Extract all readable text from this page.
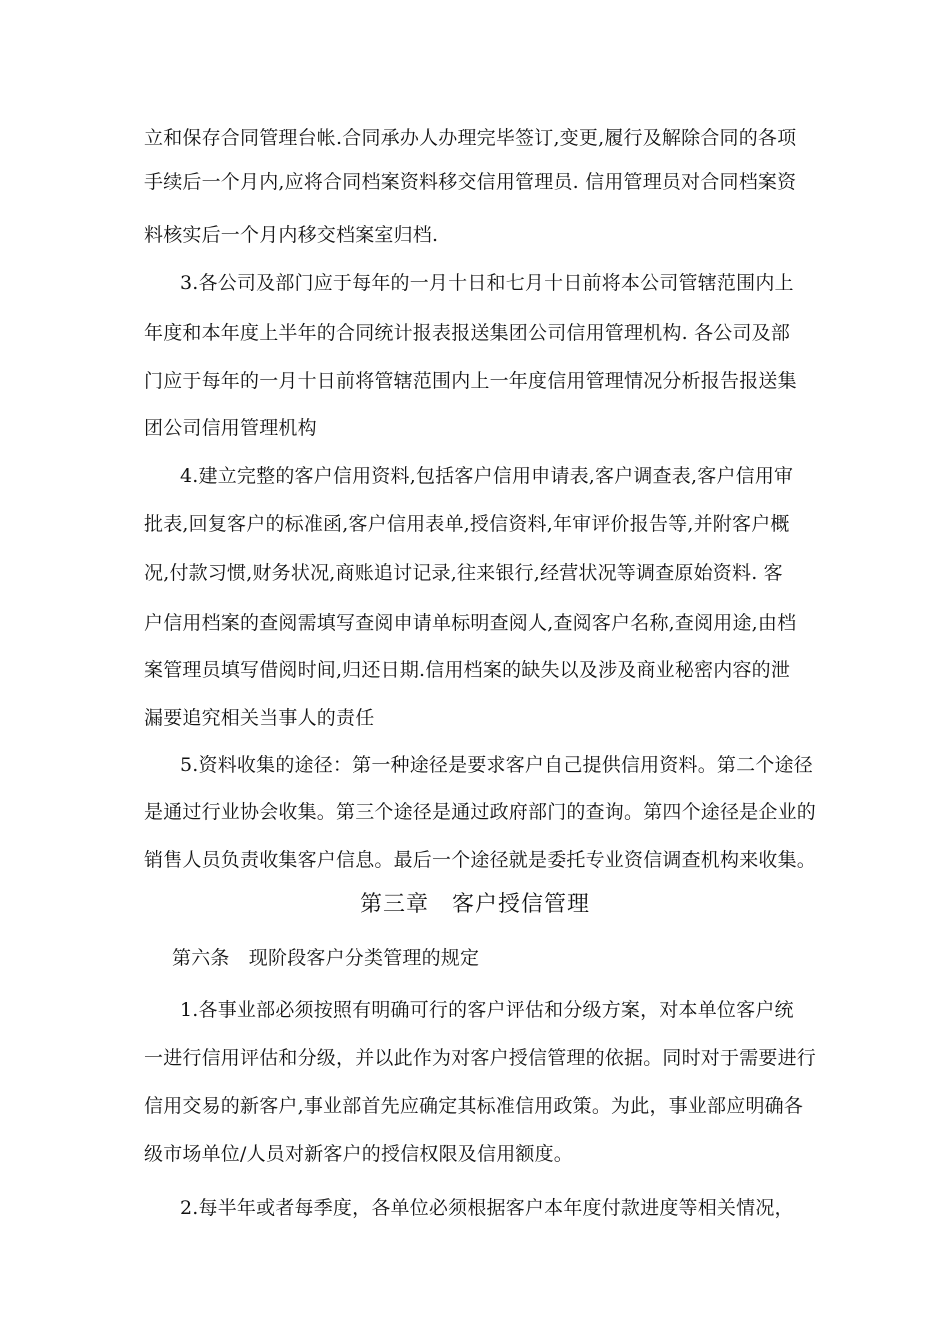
立和保存合同管理台帐.合同承办人办理完毕签订,变更,履行及解除合同的各项
手续后一个月内,应将合同档案资料移交信用管理员. 信用管理员对合同档案资
料核实后一个月内移交档案室归档.
3.各公司及部门应于每年的一月十日和七月十日前将本公司管辖范围内上
年度和本年度上半年的合同统计报表报送集团公司信用管理机构. 各公司及部
门应于每年的一月十日前将管辖范围内上一年度信用管理情况分析报告报送集
团公司信用管理机构
4.建立完整的客户信用资料,包括客户信用申请表,客户调查表,客户信用审
批表,回复客户的标准函,客户信用表单,授信资料,年审评价报告等,并附客户概
况,付款习惯,财务状况,商账追讨记录,往来银行,经营状况等调查原始资料. 客
户信用档案的查阅需填写查阅申请单标明查阅人,查阅客户名称,查阅用途,由档
案管理员填写借阅时间,归还日期.信用档案的缺失以及涉及商业秘密内容的泄
漏要追究相关当事人的责任
5.资料收集的途径：第一种途径是要求客户自己提供信用资料。第二个途径
是通过行业协会收集。第三个途径是通过政府部门的查询。第四个途径是企业的
销售人员负责收集客户信息。最后一个途径就是委托专业资信调查机构来收集。
第三章　客户授信管理
第六条　现阶段客户分类管理的规定
1.各事业部必须按照有明确可行的客户评估和分级方案，对本单位客户统
一进行信用评估和分级，并以此作为对客户授信管理的依据。同时对于需要进行
信用交易的新客户,事业部首先应确定其标准信用政策。为此，事业部应明确各
级市场单位/人员对新客户的授信权限及信用额度。
2.每半年或者每季度，各单位必须根据客户本年度付款进度等相关情况，
